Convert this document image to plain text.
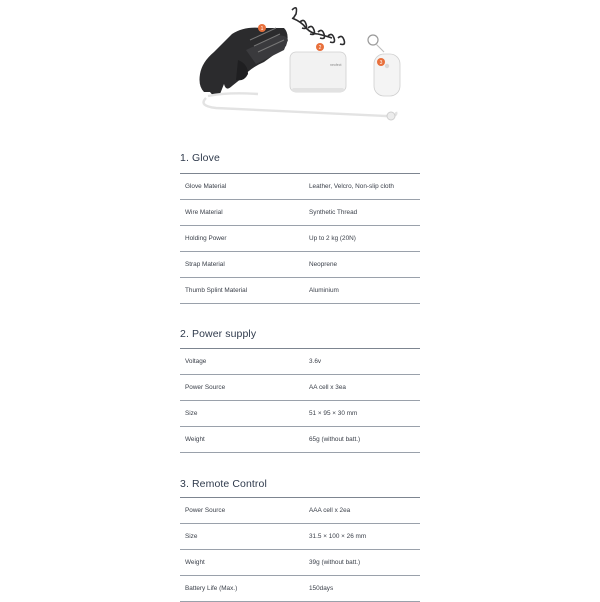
neofect
1
2
3
1. Glove
Glove Material	Leather, Velcro, Non-slip cloth
Wire Material	Synthetic Thread
Holding Power	Up to 2 kg (20N)
Strap Material	Neoprene
Thumb Splint Material	Aluminium
2. Power supply
Voltage	3.6v
Power Source	AA cell x 3ea
Size	51 × 95 × 30 mm
Weight	65g (without batt.)
3. Remote Control
Power Source	AAA cell x 2ea
Size	31.5 × 100 × 26 mm
Weight	39g (without batt.)
Battery Life (Max.)	150days
